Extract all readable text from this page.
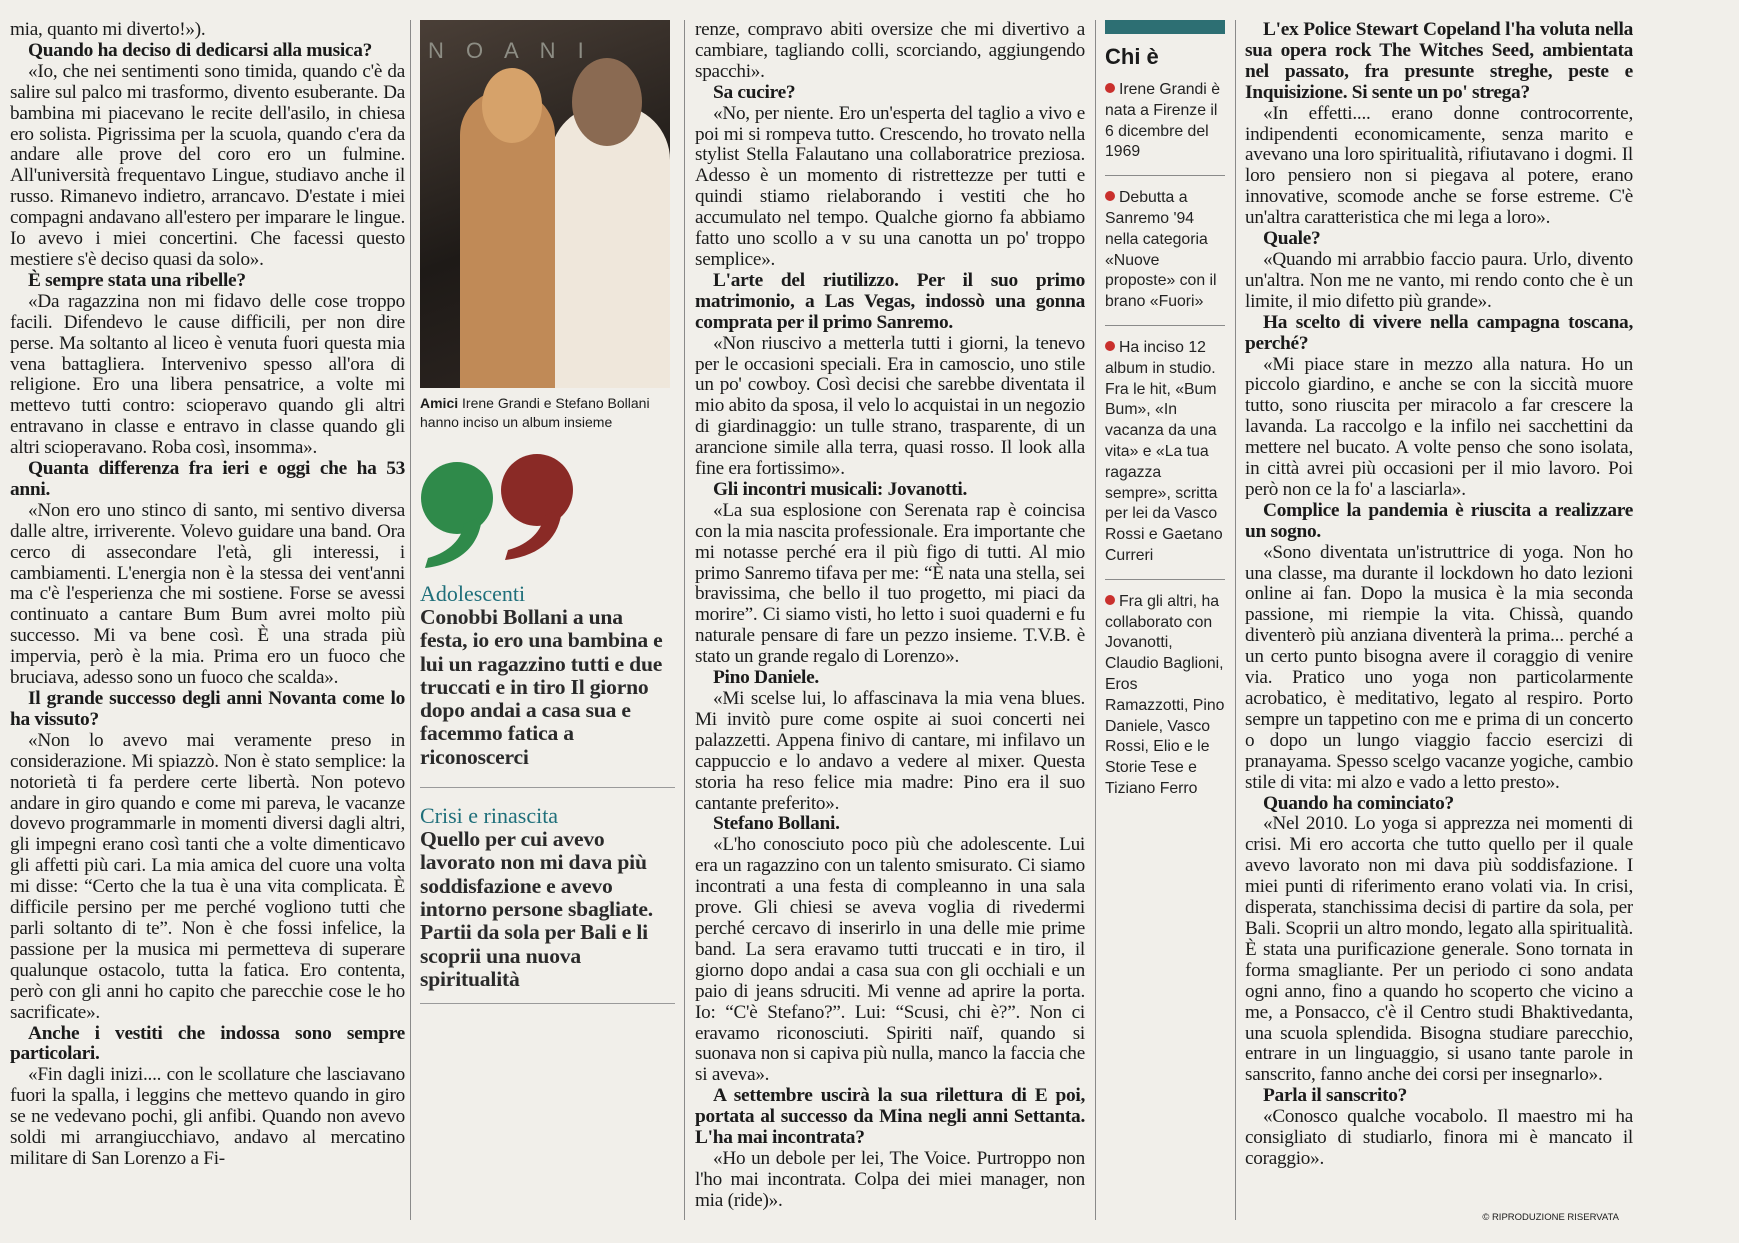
mia, quanto mi diverto!»).

Quando ha deciso di dedicarsi alla musica?

«Io, che nei sentimenti sono timida, quando c'è da salire sul palco mi trasformo, divento esuberante. Da bambina mi piacevano le recite dell'asilo, in chiesa ero solista. Pigrissima per la scuola, quando c'era da andare alle prove del coro ero un fulmine. All'università frequentavo Lingue, studiavo anche il russo. Rimanevo indietro, arrancavo. D'estate i miei compagni andavano all'estero per imparare le lingue. Io avevo i miei concertini. Che facessi questo mestiere s'è deciso quasi da solo».

È sempre stata una ribelle?

«Da ragazzina non mi fidavo delle cose troppo facili. Difendevo le cause difficili, per non dire perse. Ma soltanto al liceo è venuta fuori questa mia vena battagliera. Intervenivo spesso all'ora di religione. Ero una libera pensatrice, a volte mi mettevo tutti contro: scioperavo quando gli altri entravano in classe e entravo in classe quando gli altri scioperavano. Roba così, insomma».

Quanta differenza fra ieri e oggi che ha 53 anni.

«Non ero uno stinco di santo, mi sentivo diversa dalle altre, irriverente. Volevo guidare una band. Ora cerco di assecondare l'età, gli interessi, i cambiamenti. L'energia non è la stessa dei vent'anni ma c'è l'esperienza che mi sostiene. Forse se avessi continuato a cantare Bum Bum avrei molto più successo. Mi va bene così. È una strada più impervia, però è la mia. Prima ero un fuoco che bruciava, adesso sono un fuoco che scalda».

Il grande successo degli anni Novanta come lo ha vissuto?

«Non lo avevo mai veramente preso in considerazione. Mi spiazzò. Non è stato semplice: la notorietà ti fa perdere certe libertà. Non potevo andare in giro quando e come mi pareva, le vacanze dovevo programmarle in momenti diversi dagli altri, gli impegni erano così tanti che a volte dimenticavo gli affetti più cari. La mia amica del cuore una volta mi disse: “Certo che la tua è una vita complicata. È difficile persino per me perché vogliono tutti che parli soltanto di te”. Non è che fossi infelice, la passione per la musica mi permetteva di superare qualunque ostacolo, tutta la fatica. Ero contenta, però con gli anni ho capito che parecchie cose le ho sacrificate».

Anche i vestiti che indossa sono sempre particolari.

«Fin dagli inizi.... con le scollature che lasciavano fuori la spalla, i leggins che mettevo quando in giro se ne vedevano pochi, gli anfibi. Quando non avevo soldi mi arrangiucchiavo, andavo al mercatino militare di San Lorenzo a Fi-

N O A N I
Amici Irene Grandi e Stefano Bollani hanno inciso un album insieme
Adolescenti
Conobbi Bollani a una festa, io ero una bambina e lui un ragazzino tutti e due truccati e in tiro Il giorno dopo andai a casa sua e facemmo fatica a riconoscerci
Crisi e rinascita
Quello per cui avevo lavorato non mi dava più soddisfazione e avevo intorno persone sbagliate. Partii da sola per Bali e li scoprii una nuova spiritualità

renze, compravo abiti oversize che mi divertivo a cambiare, tagliando colli, scorciando, aggiungendo spacchi».

Sa cucire?

«No, per niente. Ero un'esperta del taglio a vivo e poi mi si rompeva tutto. Crescendo, ho trovato nella stylist Stella Falautano una collaboratrice preziosa. Adesso è un momento di ristrettezze per tutti e quindi stiamo rielaborando i vestiti che ho accumulato nel tempo. Qualche giorno fa abbiamo fatto uno scollo a v su una canotta un po' troppo semplice».

L'arte del riutilizzo. Per il suo primo matrimonio, a Las Vegas, indossò una gonna comprata per il primo Sanremo.

«Non riuscivo a metterla tutti i giorni, la tenevo per le occasioni speciali. Era in camoscio, uno stile un po' cowboy. Così decisi che sarebbe diventata il mio abito da sposa, il velo lo acquistai in un negozio di giardinaggio: un tulle strano, trasparente, di un arancione simile alla terra, quasi rosso. Il look alla fine era fortissimo».

Gli incontri musicali: Jovanotti.

«La sua esplosione con Serenata rap è coincisa con la mia nascita professionale. Era importante che mi notasse perché era il più figo di tutti. Al mio primo Sanremo tifava per me: “È nata una stella, sei bravissima, che bello il tuo progetto, mi piaci da morire”. Ci siamo visti, ho letto i suoi quaderni e fu naturale pensare di fare un pezzo insieme. T.V.B. è stato un grande regalo di Lorenzo».

Pino Daniele.

«Mi scelse lui, lo affascinava la mia vena blues. Mi invitò pure come ospite ai suoi concerti nei palazzetti. Appena finivo di cantare, mi infilavo un cappuccio e lo andavo a vedere al mixer. Questa storia ha reso felice mia madre: Pino era il suo cantante preferito».

Stefano Bollani.

«L'ho conosciuto poco più che adolescente. Lui era un ragazzino con un talento smisurato. Ci siamo incontrati a una festa di compleanno in una sala prove. Gli chiesi se aveva voglia di rivedermi perché cercavo di inserirlo in una delle mie prime band. La sera eravamo tutti truccati e in tiro, il giorno dopo andai a casa sua con gli occhiali e un paio di jeans sdruciti. Mi venne ad aprire la porta. Io: “C'è Stefano?”. Lui: “Scusi, chi è?”. Non ci eravamo riconosciuti. Spiriti naïf, quando si suonava non si capiva più nulla, manco la faccia che si aveva».

A settembre uscirà la sua rilettura di E poi, portata al successo da Mina negli anni Settanta. L'ha mai incontrata?

«Ho un debole per lei, The Voice. Purtroppo non l'ho mai incontrata. Colpa dei miei manager, non mia (ride)».

Chi è
Irene Grandi è nata a Firenze il 6 dicembre del 1969
Debutta a Sanremo '94 nella categoria «Nuove proposte» con il brano «Fuori»
Ha inciso 12 album in studio. Fra le hit, «Bum Bum», «In vacanza da una vita» e «La tua ragazza sempre», scritta per lei da Vasco Rossi e Gaetano Curreri
Fra gli altri, ha collaborato con Jovanotti, Claudio Baglioni, Eros Ramazzotti, Pino Daniele, Vasco Rossi, Elio e le Storie Tese e Tiziano Ferro

L'ex Police Stewart Copeland l'ha voluta nella sua opera rock The Witches Seed, ambientata nel passato, fra presunte streghe, peste e Inquisizione. Si sente un po' strega?

«In effetti.... erano donne controcorrente, indipendenti economicamente, senza marito e avevano una loro spiritualità, rifiutavano i dogmi. Il loro pensiero non si piegava al potere, erano innovative, scomode anche se forse estreme. C'è un'altra caratteristica che mi lega a loro».

Quale?

«Quando mi arrabbio faccio paura. Urlo, divento un'altra. Non me ne vanto, mi rendo conto che è un limite, il mio difetto più grande».

Ha scelto di vivere nella campagna toscana, perché?

«Mi piace stare in mezzo alla natura. Ho un piccolo giardino, e anche se con la siccità muore tutto, sono riuscita per miracolo a far crescere la lavanda. La raccolgo e la infilo nei sacchettini da mettere nel bucato. A volte penso che sono isolata, in città avrei più occasioni per il mio lavoro. Poi però non ce la fo' a lasciarla».

Complice la pandemia è riuscita a realizzare un sogno.

«Sono diventata un'istruttrice di yoga. Non ho una classe, ma durante il lockdown ho dato lezioni online ai fan. Dopo la musica è la mia seconda passione, mi riempie la vita. Chissà, quando diventerò più anziana diventerà la prima... perché a un certo punto bisogna avere il coraggio di venire via. Pratico uno yoga non particolarmente acrobatico, è meditativo, legato al respiro. Porto sempre un tappetino con me e prima di un concerto o dopo un lungo viaggio faccio esercizi di pranayama. Spesso scelgo vacanze yogiche, cambio stile di vita: mi alzo e vado a letto presto».

Quando ha cominciato?

«Nel 2010. Lo yoga si apprezza nei momenti di crisi. Mi ero accorta che tutto quello per il quale avevo lavorato non mi dava più soddisfazione. I miei punti di riferimento erano volati via. In crisi, disperata, stanchissima decisi di partire da sola, per Bali. Scoprii un altro mondo, legato alla spiritualità. È stata una purificazione generale. Sono tornata in forma smagliante. Per un periodo ci sono andata ogni anno, fino a quando ho scoperto che vicino a me, a Ponsacco, c'è il Centro studi Bhaktivedanta, una scuola splendida. Bisogna studiare parecchio, entrare in un linguaggio, si usano tante parole in sanscrito, fanno anche dei corsi per insegnarlo».

Parla il sanscrito?

«Conosco qualche vocabolo. Il maestro mi ha consigliato di studiarlo, finora mi è mancato il coraggio».

© RIPRODUZIONE RISERVATA
